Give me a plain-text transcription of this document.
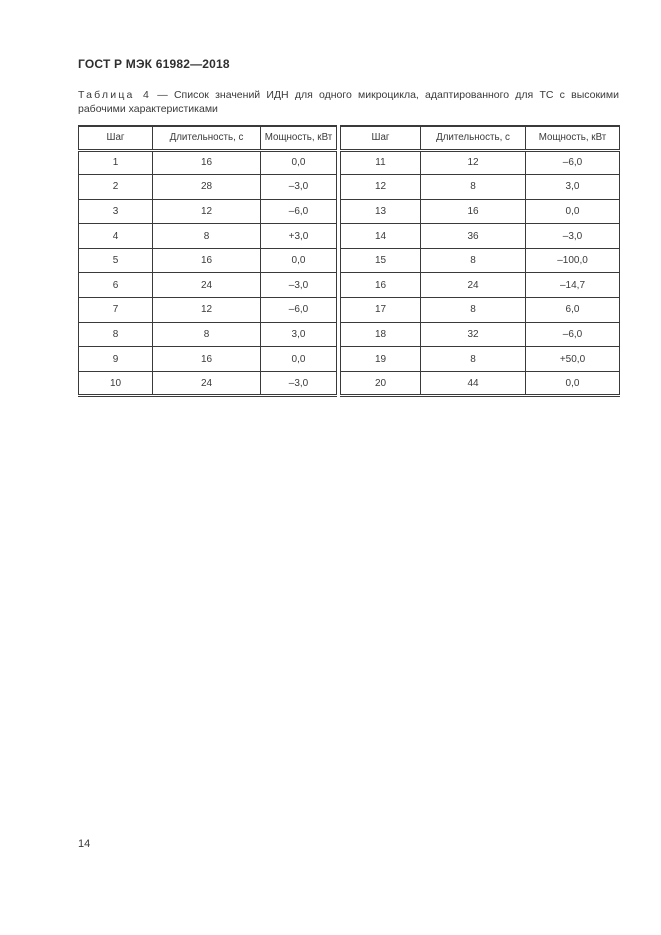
ГОСТ Р МЭК 61982—2018
Таблица 4 — Список значений ИДН для одного микроцикла, адаптированного для ТС с высокими рабочими характеристиками
Шаг	Длительность, с	Мощность, кВт
1	16	0,0
2	28	–3,0
3	12	–6,0
4	8	+3,0
5	16	0,0
6	24	–3,0
7	12	–6,0
8	8	3,0
9	16	0,0
10	24	–3,0
Шаг	Длительность, с	Мощность, кВт
11	12	–6,0
12	8	3,0
13	16	0,0
14	36	–3,0
15	8	–100,0
16	24	–14,7
17	8	6,0
18	32	–6,0
19	8	+50,0
20	44	0,0
14
